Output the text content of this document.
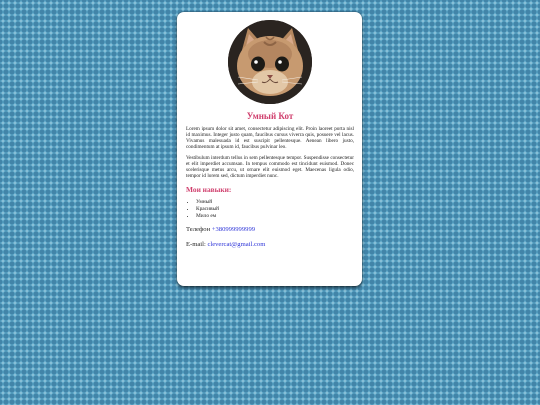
Умный Кот

Lorem ipsum dolor sit amet, consectetur adipiscing elit. Proin laoreet porta nisl id maximus. Integer justo quam, faucibus cursus viverra quis, posuere vel lacus. Vivamus malesuada id est suscipit pellentesque. Aenean libero justo, condimentum at ipsum id, faucibus pulvinar leo.

Vestibulum interdum tellus in sem pellentesque tempor. Suspendisse consectetur et elit imperdiet accumsan. In tempus commodo est tincidunt euismod. Donec scelerisque metus arcu, ut ornare elit euismod eget. Maecenas ligula odio, tempor id lorem sed, dictum imperdiet nunc.

Мои навыки:
• Умный
• Красивый
• Мило ем
Телефон +380999999999
E-mail: clevercat@gmail.com
